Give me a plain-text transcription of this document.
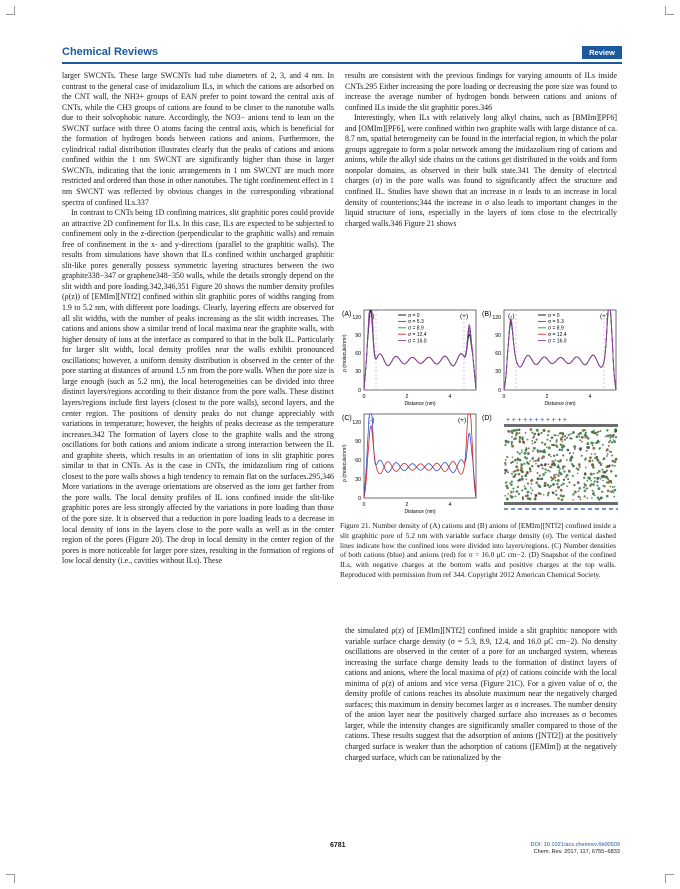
Chemical Reviews	Review

larger SWCNTs. These large SWCNTs had tube diameters of 2, 3, and 4 nm. In contrast to the general case of imidazolium ILs, in which the cations are adsorbed on the CNT wall, the NH3+ groups of EAN prefer to point toward the central axis of CNTs, while the CH3 groups of cations are found to be closer to the nanotube walls due to their solvophobic nature. Accordingly, the NO3− anions tend to lean on the SWCNT surface with three O atoms facing the central axis, which is beneficial for the formation of hydrogen bonds between cations and anions. Furthermore, the cylindrical radial distribution illustrates clearly that the peaks of cations and anions confined within the 1 nm SWCNT are significantly higher than those in larger SWCNTs, indicating that the ionic arrangements in 1 nm SWCNT are much more restricted and ordered than those in other nanotubes. The tight confinement effect in 1 nm SWCNT was reflected by obvious changes in the corresponding vibrational spectra of confined ILs.337

In contrast to CNTs being 1D confining matrices, slit graphitic pores could provide an attractive 2D confinement for ILs. In this case, ILs are expected to be subjected to confinement only in the z-direction (perpendicular to the graphitic walls) and remain free of confinement in the x- and y-directions (parallel to the graphitic walls). The results from simulations have shown that ILs confined within uncharged graphitic slit-like pores generally possess symmetric layering structures between the two graphite338−347 or graphene348−350 walls, while the details strongly depend on the slit width and pore loading.342,346,351 Figure 20 shows the number density profiles (ρ(z)) of [EMIm][NTf2] confined within slit graphitic pores of widths ranging from 1.9 to 5.2 nm, with different pore loadings. Clearly, layering effects are observed for all slit widths, with the number of peaks increasing as the slit width increases. The cations and anions show a similar trend of local maxima near the graphite walls, with higher density of ions at the interface as compared to that in the bulk IL. Particularly for larger slit width, local density profiles near the walls exhibit pronounced oscillations; however, a uniform density distribution is observed in the center of the pore starting at distances of around 1.5 nm from the pore walls. When the pore size is large enough (such as 5.2 nm), the local heterogeneities can be divided into three distinct layers/regions according to their distance from the pore walls. These distinct layers/regions include first layers (closest to the pore walls), second layers, and the center region. The positions of density peaks do not change appreciably with variations in temperature; however, the heights of peaks decrease as the temperature increases.342 The formation of layers close to the graphite walls and the strong oscillations for both cations and anions indicate a strong interaction between the IL and graphite sheets, which results in an orientation of ions in slit graphitic pores similar to that in CNTs. As is the case in CNTs, the imidazolium ring of cations closest to the pore walls shows a high tendency to remain flat on the surfaces.295,346 More variations in the average orientations are observed as the ions get farther from the pore walls. The local density profiles of IL ions confined inside the slit-like graphitic pores are less strongly affected by the variations in pore loading than those of the pore size. It is observed that a reduction in pore loading leads to a decrease in local density of ions in the layers close to the pore walls as well as in the center region of the pores (Figure 20). The drop in local density in the center region of the pores is more noticeable for larger pore sizes, resulting in the formation of regions of low local density (i.e., cavities without ILs). These

results are consistent with the previous findings for varying amounts of ILs inside CNTs.295 Either increasing the pore loading or decreasing the pore size was found to increase the average number of hydrogen bonds between cations and anions of confined ILs inside the slit graphitic pores.346

Interestingly, when ILs with relatively long alkyl chains, such as [BMIm][PF6] and [OMIm][PF6], were confined within two graphite walls with large distance of ca. 8.7 nm, spatial heterogeneity can be found in the interfacial region, in which the polar groups aggregate to form a polar network among the imidazolium ring of cations and anions, while the alkyl side chains on the cations get distributed in the voids and form nonpolar domains, as observed in their bulk state.341 The density of electrical charges (σ) in the pore walls was found to significantly affect the structure and confined IL. Studies have shown that an increase in σ leads to an increase in local density of counterions;344 the increase in σ also leads to important changes in the liquid structure of ions, especially in the layers of ions close to the electrically charged walls.346 Figure 21 shows

(A)	(-)	(+)
0
30
60
90
120
ρ (molecule/nm³)
0	2	4
Distance (nm)
σ = 0
σ = 5.3
σ = 8.9
σ = 12.4
σ = 16.0
(B)	(-)	(+)
0
30
60
90
120
0	2	4
Distance (nm)
σ = 0
σ = 5.3
σ = 8.9
σ = 12.4
σ = 16.0
(C)	(-)	(+)
0
30
60
90
120
ρ (molecule/nm³)
0	2	4
Distance (nm)
(D) +++++++++++
Figure 21. Number density of (A) cations and (B) anions of [EMIm][NTf2] confined inside a slit graphitic pore of 5.2 nm with variable surface charge density (σ). The vertical dashed lines indicate how the confined ions were divided into layers/regions. (C) Number densities of both cations (blue) and anions (red) for σ = 16.0 μC cm−2. (D) Snapshot of the confined ILs, with negative charges at the bottom walls and positive charges at the top walls. Reproduced with permission from ref 344. Copyright 2012 American Chemical Society.

the simulated ρ(z) of [EMIm][NTf2] confined inside a slit graphitic nanopore with variable surface charge density (σ = 5.3, 8.9, 12.4, and 16.0 μC cm−2). No density oscillations are observed in the center of a pore for an uncharged system, whereas increasing the surface charge density leads to the formation of distinct layers of cations and anions, where the local maxima of ρ(z) of cations coincide with the local minima of ρ(z) of anions and vice versa (Figure 21C). For a given value of σ, the density profile of cations reaches its absolute maximum near the negatively charged surfaces; this maximum in density becomes larger as σ increases. The number density of the anion layer near the positively charged surface also increases as σ becomes larger, while the intensity changes are significantly smaller compared to those of the cations. These results suggest that the adsorption of anions ([NTf2]) at the positively charged surface is weaker than the adsorption of cations ([EMIm]) at the negatively charged surface, which can be rationalized by the

6781	DOI: 10.1021/acs.chemrev.6b00509
Chem. Rev. 2017, 117, 6755−6833
